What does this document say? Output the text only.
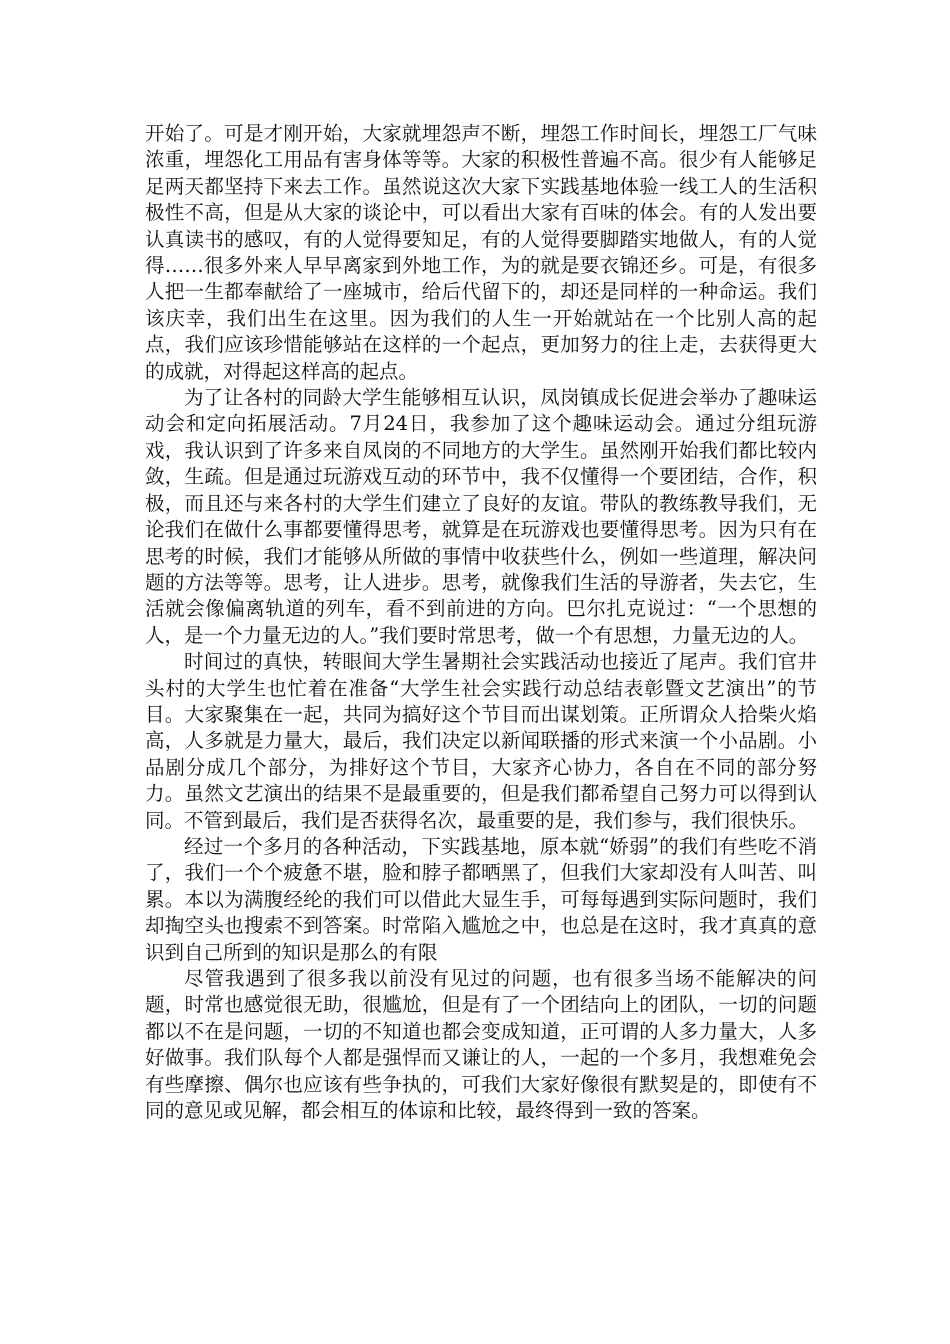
开始了。可是才刚开始，大家就埋怨声不断，埋怨工作时间长，埋怨工厂气味浓重，埋怨化工用品有害身体等等。大家的积极性普遍不高。很少有人能够足足两天都坚持下来去工作。虽然说这次大家下实践基地体验一线工人的生活积极性不高，但是从大家的谈论中，可以看出大家有百味的体会。有的人发出要认真读书的感叹，有的人觉得要知足，有的人觉得要脚踏实地做人，有的人觉得……很多外来人早早离家到外地工作，为的就是要衣锦还乡。可是，有很多人把一生都奉献给了一座城市，给后代留下的，却还是同样的一种命运。我们该庆幸，我们出生在这里。因为我们的人生一开始就站在一个比别人高的起点，我们应该珍惜能够站在这样的一个起点，更加努力的往上走，去获得更大的成就，对得起这样高的起点。

为了让各村的同龄大学生能够相互认识，凤岗镇成长促进会举办了趣味运动会和定向拓展活动。7月24日，我参加了这个趣味运动会。通过分组玩游戏，我认识到了许多来自凤岗的不同地方的大学生。虽然刚开始我们都比较内敛，生疏。但是通过玩游戏互动的环节中，我不仅懂得一个要团结，合作，积极，而且还与来各村的大学生们建立了良好的友谊。带队的教练教导我们，无论我们在做什么事都要懂得思考，就算是在玩游戏也要懂得思考。因为只有在思考的时候，我们才能够从所做的事情中收获些什么，例如一些道理，解决问题的方法等等。思考，让人进步。思考，就像我们生活的导游者，失去它，生活就会像偏离轨道的列车，看不到前进的方向。巴尔扎克说过：“一个思想的人，是一个力量无边的人。”我们要时常思考，做一个有思想，力量无边的人。

时间过的真快，转眼间大学生暑期社会实践活动也接近了尾声。我们官井头村的大学生也忙着在准备“大学生社会实践行动总结表彰暨文艺演出”的节目。大家聚集在一起，共同为搞好这个节目而出谋划策。正所谓众人拾柴火焰高，人多就是力量大，最后，我们决定以新闻联播的形式来演一个小品剧。小品剧分成几个部分，为排好这个节目，大家齐心协力，各自在不同的部分努力。虽然文艺演出的结果不是最重要的，但是我们都希望自己努力可以得到认同。不管到最后，我们是否获得名次，最重要的是，我们参与，我们很快乐。

经过一个多月的各种活动，下实践基地，原本就“娇弱”的我们有些吃不消了，我们一个个疲惫不堪，脸和脖子都晒黑了，但我们大家却没有人叫苦、叫累。本以为满腹经纶的我们可以借此大显生手，可每每遇到实际问题时，我们却掏空头也搜索不到答案。时常陷入尴尬之中，也总是在这时，我才真真的意识到自己所到的知识是那么的有限

尽管我遇到了很多我以前没有见过的问题，也有很多当场不能解决的问题，时常也感觉很无助，很尴尬，但是有了一个团结向上的团队，一切的问题都以不在是问题，一切的不知道也都会变成知道，正可谓的人多力量大，人多好做事。我们队每个人都是强悍而又谦让的人，一起的一个多月，我想难免会有些摩擦、偶尔也应该有些争执的，可我们大家好像很有默契是的，即使有不同的意见或见解，都会相互的体谅和比较，最终得到一致的答案。
